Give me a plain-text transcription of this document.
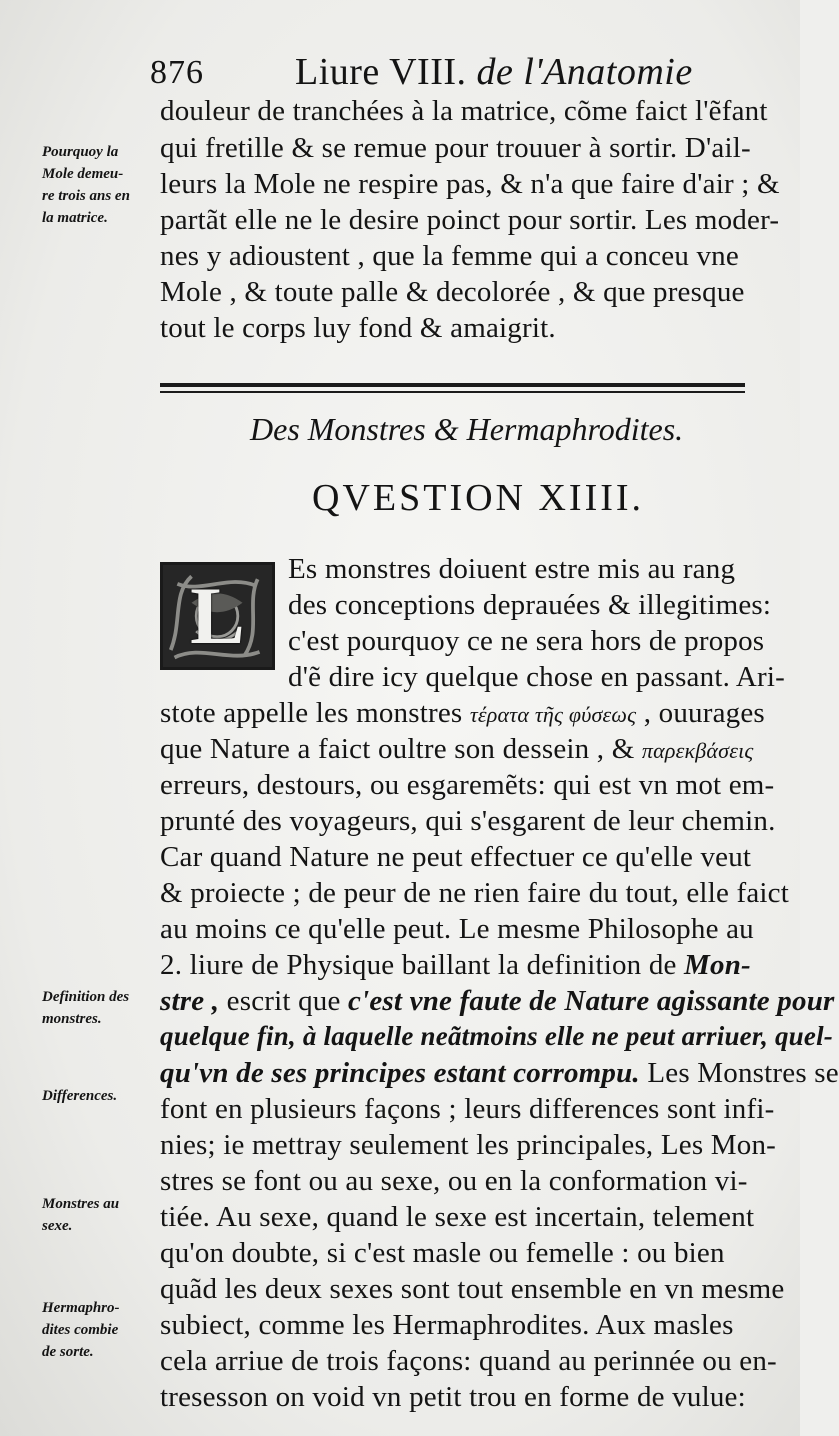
876 Liure VIII. de l'Anatomie
Pourquoy la
Mole demeu-
re trois ans en
la matrice.
Definition des
monstres.
Differences.
Monstres au
sexe.
Hermaphro-
dites combie
de sorte.
douleur de tranchées à la matrice, cõme faict l'ẽfant
qui fretille & se remue pour trouuer à sortir. D'ail-
leurs la Mole ne respire pas, & n'a que faire d'air ; &
partãt elle ne le desire poinct pour sortir. Les moder-
nes y adioustent , que la femme qui a conceu vne
Mole , & toute palle & decolorée , & que presque
tout le corps luy fond & amaigrit.
Des Monstres & Hermaphrodites.
QVESTION XIIII.
L
Es monstres doiuent estre mis au rang
des conceptions deprauées & illegitimes:
c'est pourquoy ce ne sera hors de propos
d'ẽ dire icy quelque chose en passant. Ari-
stote appelle les monstres τέρατα τῆς φύσεως , ouurages
que Nature a faict oultre son dessein , & παρεκβάσεις
erreurs, destours, ou esgaremẽts: qui est vn mot em-
prunté des voyageurs, qui s'esgarent de leur chemin.
Car quand Nature ne peut effectuer ce qu'elle veut
& proiecte ; de peur de ne rien faire du tout, elle faict
au moins ce qu'elle peut. Le mesme Philosophe au
2. liure de Physique baillant la definition de Mon-
stre , escrit que c'est vne faute de Nature agissante pour
quelque fin, à laquelle neãtmoins elle ne peut arriuer, quel-
qu'vn de ses principes estant corrompu. Les Monstres se
font en plusieurs façons ; leurs differences sont infi-
nies; ie mettray seulement les principales, Les Mon-
stres se font ou au sexe, ou en la conformation vi-
tiée. Au sexe, quand le sexe est incertain, telement
qu'on doubte, si c'est masle ou femelle : ou bien
quãd les deux sexes sont tout ensemble en vn mesme
subiect, comme les Hermaphrodites. Aux masles
cela arriue de trois façons: quand au perinnée ou en-
tresesson on void vn petit trou en forme de vulue:
